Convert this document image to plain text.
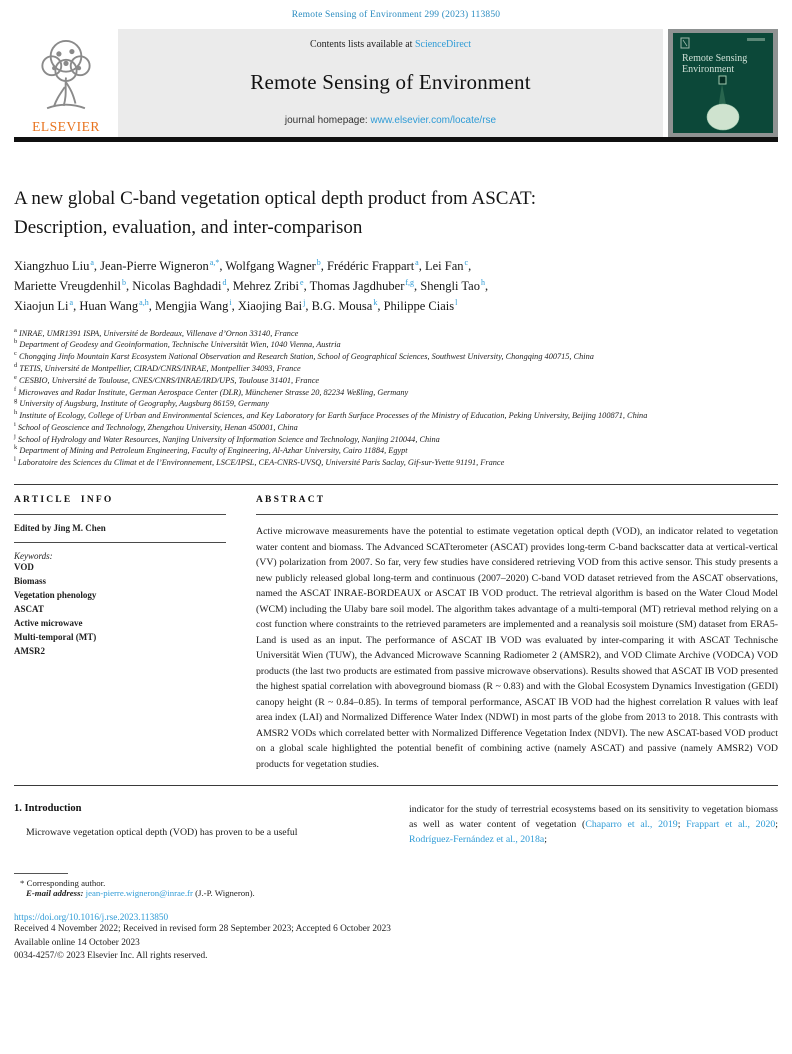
Remote Sensing of Environment 299 (2023) 113850
ELSEVIER
Contents lists available at ScienceDirect
Remote Sensing of Environment
journal homepage: www.elsevier.com/locate/rse
Remote Sensing
Environment
A new global C-band vegetation optical depth product from ASCAT:
Description, evaluation, and inter-comparison
Xiangzhuo Liu$^a$, Jean-Pierre Wigneron$^{a,*}$, Wolfgang Wagner$^b$, Frédéric Frappart$^a$, Lei Fan$^c$,
Mariette Vreugdenhil$^b$, Nicolas Baghdadi$^d$, Mehrez Zribi$^e$, Thomas Jagdhuber$^{f,g}$, Shengli Tao$^h$,
Xiaojun Li$^a$, Huan Wang$^{a,h}$, Mengjia Wang$^i$, Xiaojing Bai$^j$, B.G. Mousa$^k$, Philippe Ciais$^l$
$^a$ INRAE, UMR1391 ISPA, Université de Bordeaux, Villenave d’Ornon 33140, France
$^b$ Department of Geodesy and Geoinformation, Technische Universität Wien, 1040 Vienna, Austria
$^c$ Chongqing Jinfo Mountain Karst Ecosystem National Observation and Research Station, School of Geographical Sciences, Southwest University, Chongqing 400715, China
$^d$ TETIS, Université de Montpellier, CIRAD/CNRS/INRAE, Montpellier 34093, France
$^e$ CESBIO, Université de Toulouse, CNES/CNRS/INRAE/IRD/UPS, Toulouse 31401, France
$^f$ Microwaves and Radar Institute, German Aerospace Center (DLR), Münchener Strasse 20, 82234 Weßling, Germany
$^g$ University of Augsburg, Institute of Geography, Augsburg 86159, Germany
$^h$ Institute of Ecology, College of Urban and Environmental Sciences, and Key Laboratory for Earth Surface Processes of the Ministry of Education, Peking University, Beijing 100871, China
$^i$ School of Geoscience and Technology, Zhengzhou University, Henan 450001, China
$^j$ School of Hydrology and Water Resources, Nanjing University of Information Science and Technology, Nanjing 210044, China
$^k$ Department of Mining and Petroleum Engineering, Faculty of Engineering, Al-Azhar University, Cairo 11884, Egypt
$^l$ Laboratoire des Sciences du Climat et de l’Environnement, LSCE/IPSL, CEA-CNRS-UVSQ, Université Paris Saclay, Gif-sur-Yvette 91191, France
ARTICLE INFO
Edited by Jing M. Chen
Keywords:
VOD
Biomass
Vegetation phenology
ASCAT
Active microwave
Multi-temporal (MT)
AMSR2
ABSTRACT
Active microwave measurements have the potential to estimate vegetation optical depth (VOD), an indicator related to vegetation water content and biomass. The Advanced SCATterometer (ASCAT) provides long-term C-band backscatter data at vertical-vertical (VV) polarization from 2007. So far, very few studies have considered retrieving VOD from this active sensor. This study presents a new publicly released global long-term and continuous (2007–2020) C-band VOD dataset retrieved from the ASCAT observations, named the ASCAT INRAE-BORDEAUX or ASCAT IB VOD product. The retrieval algorithm is based on the Water Cloud Model (WCM) including the Ulaby bare soil model. The algorithm takes advantage of a multi-temporal (MT) retrieval method relying on a cost function where constraints to the retrieved parameters are implemented and a reanalysis soil moisture (SM) dataset from ERA5-Land is used as an input. The performance of ASCAT IB VOD was evaluated by inter-comparing it with ASCAT Technische Universität Wien (TUW), the Advanced Microwave Scanning Radiometer 2 (AMSR2), and VOD Climate Archive (VODCA) VOD products (the last two products are estimated from passive microwave observations). Results showed that ASCAT IB VOD presented the highest spatial correlation with aboveground biomass (R ~ 0.83) and with the Global Ecosystem Dynamics Investigation (GEDI) canopy height (R ~ 0.84–0.85). In terms of temporal performance, ASCAT IB VOD had the highest correlation R values with leaf area index (LAI) and Normalized Difference Water Index (NDWI) in most parts of the globe from 2013 to 2018. This contrasts with AMSR2 VODs which correlated better with Normalized Difference Vegetation Index (NDVI). The new ASCAT-based VOD product on a global scale highlighted the potential benefit of combining active (namely ASCAT) and passive (namely AMSR2) VOD products for vegetation studies.
1. Introduction
Microwave vegetation optical depth (VOD) has proven to be a useful
indicator for the study of terrestrial ecosystems based on its sensitivity to vegetation biomass as well as water content of vegetation (Chaparro et al., 2019; Frappart et al., 2020; Rodríguez-Fernández et al., 2018a;
* Corresponding author.
E-mail address: jean-pierre.wigneron@inrae.fr (J.-P. Wigneron).
https://doi.org/10.1016/j.rse.2023.113850
Received 4 November 2022; Received in revised form 28 September 2023; Accepted 6 October 2023
Available online 14 October 2023
0034-4257/© 2023 Elsevier Inc. All rights reserved.
